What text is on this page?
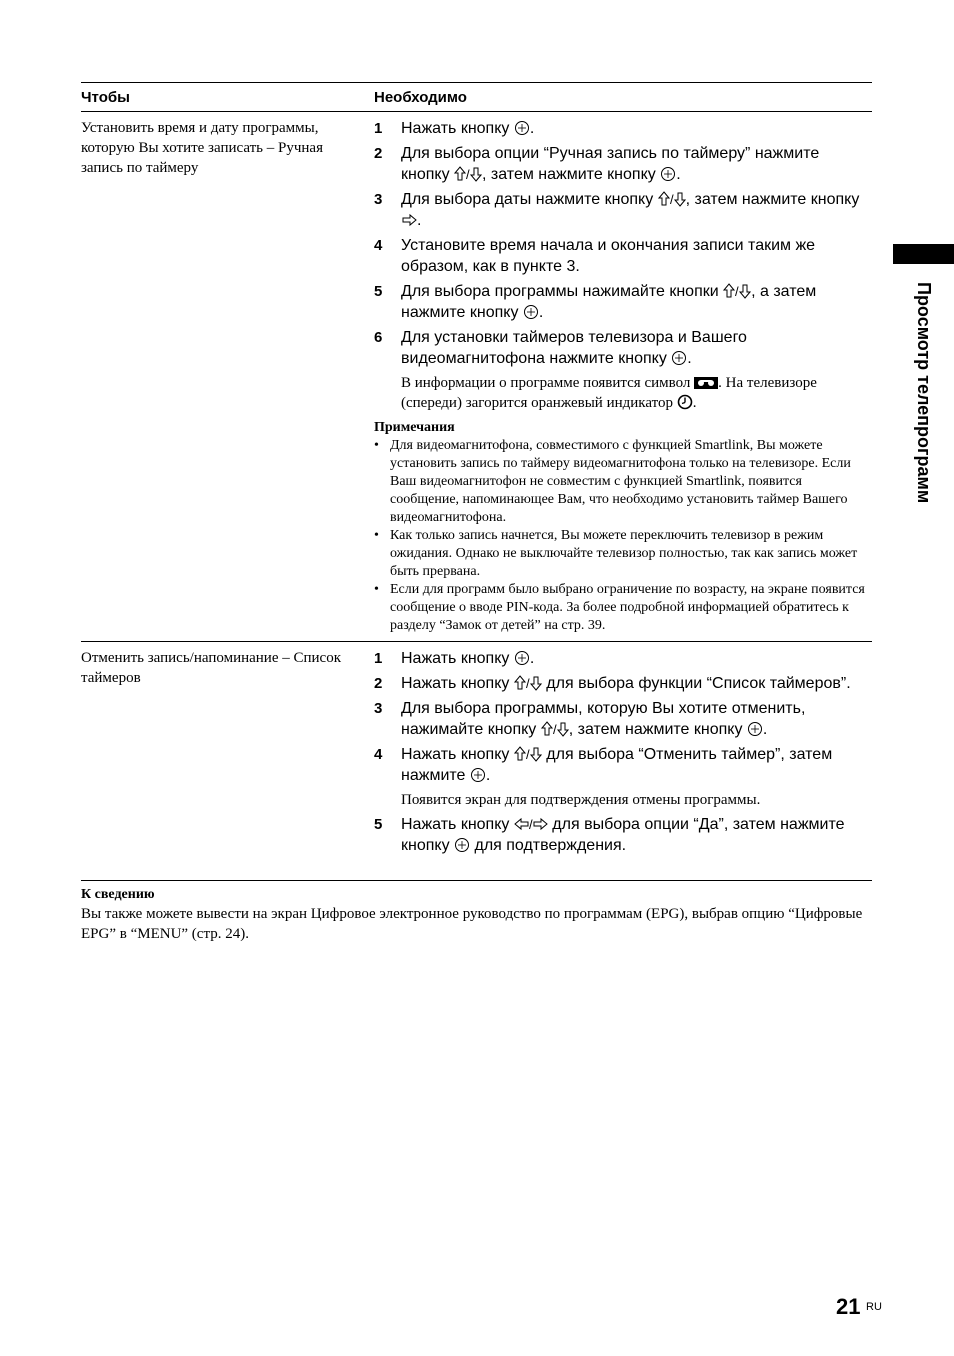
Чтобы	Необходимо
Установить время и дату программы, которую Вы хотите записать – Ручная запись по таймеру
1	Нажать кнопку .
2	Для выбора опции “Ручная запись по таймеру” нажмите кнопку / , затем нажмите кнопку .
3	Для выбора даты нажмите кнопку / , затем нажмите кнопку .
4	Установите время начала и окончания записи таким же образом, как в пункте 3.
5	Для выбора программы нажимайте кнопки / , а затем нажмите кнопку .
6	Для установки таймеров телевизора и Вашего видеомагнитофона нажмите кнопку .
В информации о программе появится символ . На телевизоре (спереди) загорится оранжевый индикатор .
Примечания
• Для видеомагнитофона, совместимого с функцией Smartlink, Вы можете установить запись по таймеру видеомагнитофона только на телевизоре. Если Ваш видеомагнитофон не совместим с функцией Smartlink, появится сообщение, напоминающее Вам, что необходимо установить таймер Вашего видеомагнитофона.
• Как только запись начнется, Вы можете переключить телевизор в режим ожидания. Однако не выключайте телевизор полностью, так как запись может быть прервана.
• Если для программ было выбрано ограничение по возрасту, на экране появится сообщение о вводе PIN-кода. За более подробной информацией обратитесь к разделу “Замок от детей” на стр. 39.
Отменить запись/напоминание – Список таймеров
1	Нажать кнопку .
2	Нажать кнопку / для выбора функции “Список таймеров”.
3	Для выбора программы, которую Вы хотите отменить, нажимайте кнопку / , затем нажмите кнопку .
4	Нажать кнопку / для выбора “Отменить таймер”, затем нажмите .
Появится экран для подтверждения отмены программы.
5	Нажать кнопку / для выбора опции “Да”, затем нажмите кнопку  для подтверждения.
К сведению
Вы также можете вывести на экран Цифровое электронное руководство по программам (EPG), выбрав опцию “Цифровые EPG” в “MENU” (стр. 24).
Просмотр телепрограмм
21 RU
